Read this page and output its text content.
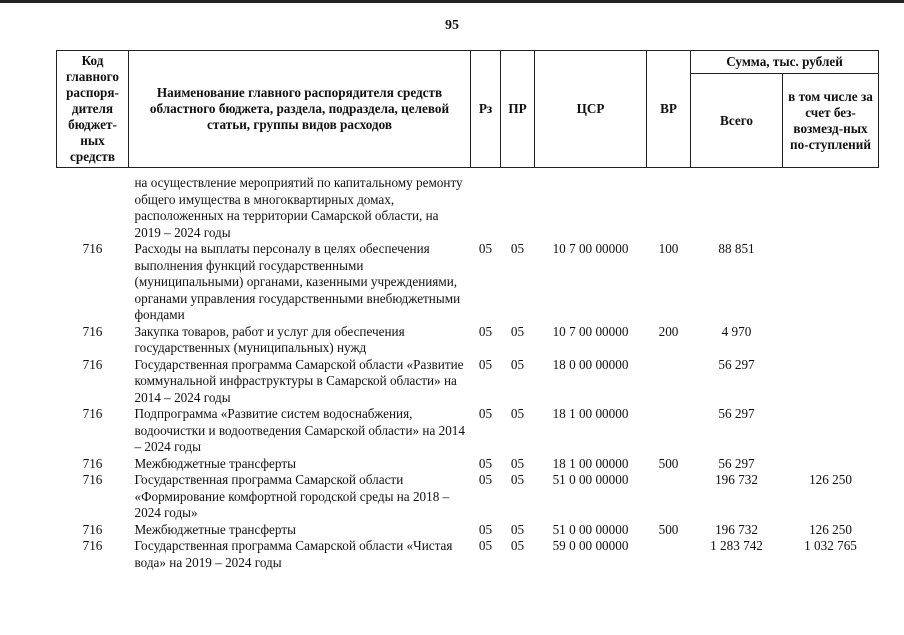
95
Код главного распоря-дителя бюджет-ных средств	Наименование главного распорядителя средств областного бюджета, раздела, подраздела, целевой статьи, группы видов расходов	Рз	ПР	ЦСР	ВР	Сумма, тыс. рублей	
						Всего	в том числе за счет без-возмезд-ных по-ступлений

	на осуществление мероприятий по капитальному ремонту общего имущества в многоквартирных домах, расположенных на территории Самарской области, на 2019 – 2024 годы						
716	Расходы на выплаты персоналу в целях обеспечения выполнения функций государственными (муниципальными) органами, казенными учреждениями, органами управления государственными внебюджетными фондами	05	05	10 7 00 00000	100	88 851	
716	Закупка товаров, работ и услуг для обеспечения государственных (муниципальных) нужд	05	05	10 7 00 00000	200	4 970	
716	Государственная программа Самарской области «Развитие коммунальной инфраструктуры в Самарской области» на 2014 – 2024 годы	05	05	18 0 00 00000		56 297	
716	Подпрограмма «Развитие систем водоснабжения, водоочистки и водоотведения Самарской области» на 2014 – 2024 годы	05	05	18 1 00 00000		56 297	
716	Межбюджетные трансферты	05	05	18 1 00 00000	500	56 297	
716	Государственная программа Самарской области «Формирование комфортной городской среды на 2018 – 2024 годы»	05	05	51 0 00 00000		196 732	126 250
716	Межбюджетные трансферты	05	05	51 0 00 00000	500	196 732	126 250
716	Государственная программа Самарской области «Чистая вода» на 2019 – 2024 годы	05	05	59 0 00 00000		1 283 742	1 032 765
